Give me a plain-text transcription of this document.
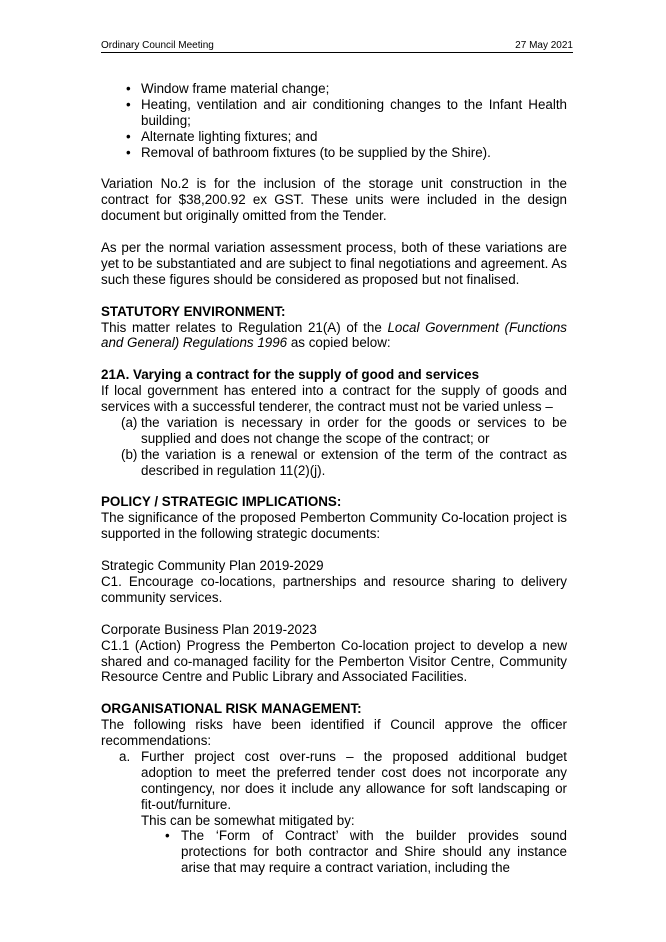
Ordinary Council Meeting	27 May 2021
• Window frame material change;
• Heating, ventilation and air conditioning changes to the Infant Health building;
• Alternate lighting fixtures; and
• Removal of bathroom fixtures (to be supplied by the Shire).

Variation No.2 is for the inclusion of the storage unit construction in the contract for $38,200.92 ex GST. These units were included in the design document but originally omitted from the Tender.

As per the normal variation assessment process, both of these variations are yet to be substantiated and are subject to final negotiations and agreement. As such these figures should be considered as proposed but not finalised.

STATUTORY ENVIRONMENT:

This matter relates to Regulation 21(A) of the Local Government (Functions and General) Regulations 1996 as copied below:

21A. Varying a contract for the supply of good and services

If local government has entered into a contract for the supply of goods and services with a successful tenderer, the contract must not be varied unless –

(a) the variation is necessary in order for the goods or services to be supplied and does not change the scope of the contract; or
(b) the variation is a renewal or extension of the term of the contract as described in regulation 11(2)(j).
POLICY / STRATEGIC IMPLICATIONS:

The significance of the proposed Pemberton Community Co-location project is supported in the following strategic documents:

Strategic Community Plan 2019-2029

C1. Encourage co-locations, partnerships and resource sharing to delivery community services.

Corporate Business Plan 2019-2023

C1.1 (Action) Progress the Pemberton Co-location project to develop a new shared and co-managed facility for the Pemberton Visitor Centre, Community Resource Centre and Public Library and Associated Facilities.

ORGANISATIONAL RISK MANAGEMENT:

The following risks have been identified if Council approve the officer recommendations:

a. Further project cost over-runs – the proposed additional budget adoption to meet the preferred tender cost does not incorporate any contingency, nor does it include any allowance for soft landscaping or fit-out/furniture.

This can be somewhat mitigated by:

• The ‘Form of Contract’ with the builder provides sound protections for both contractor and Shire should any instance arise that may require a contract variation, including the
